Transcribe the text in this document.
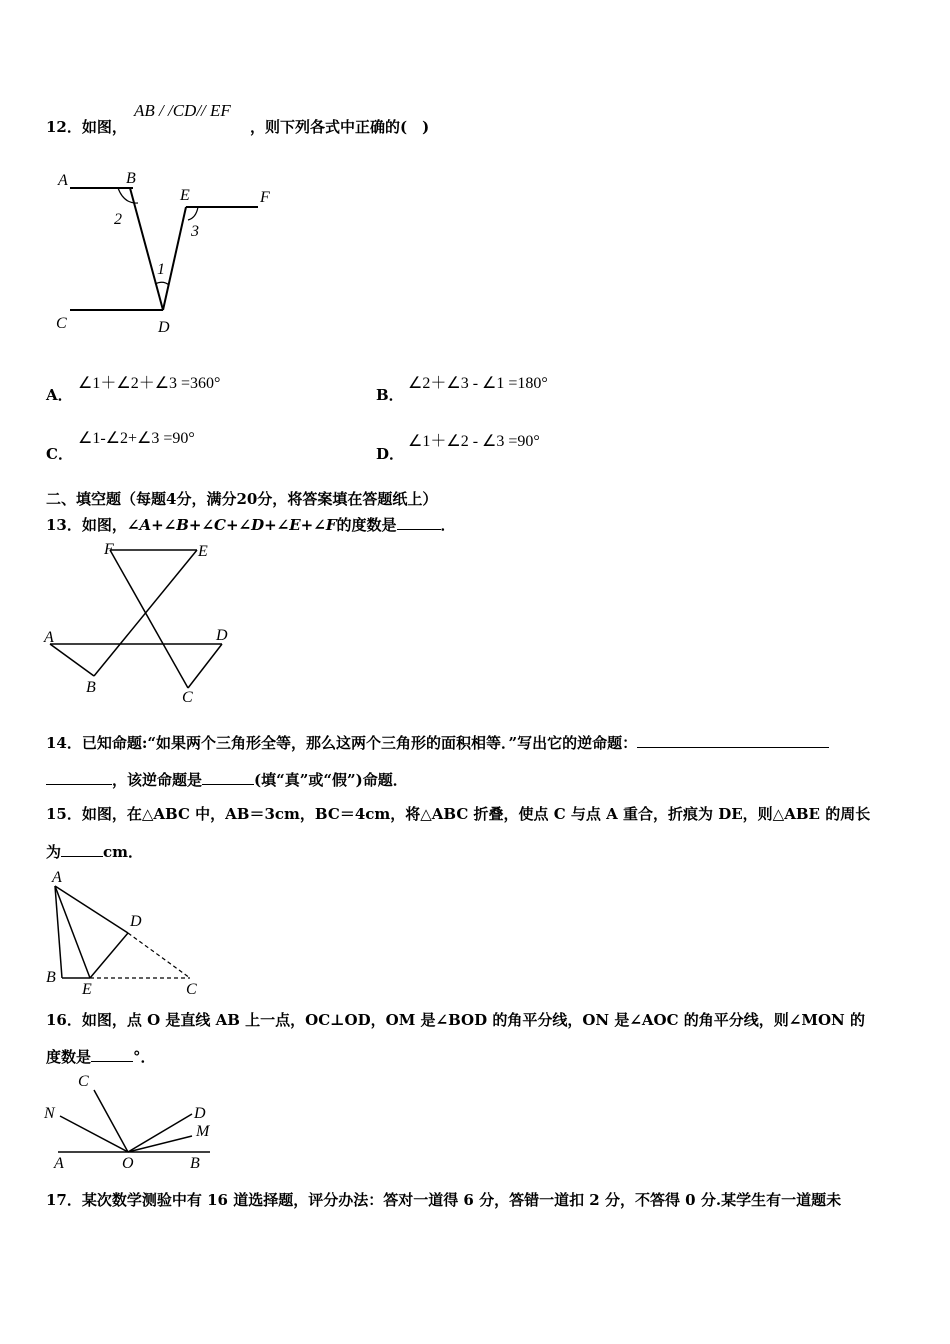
12．如图，
AB / /CD// EF
，则下列各式中正确的(　)
A	B
E	F
2
3
1
C	D
A．
∠1＋∠2＋∠3 =360°
B．
∠2＋∠3 - ∠1 =180°
C．
∠1-∠2+∠3 =90°
D．
∠1＋∠2 - ∠3 =90°
二、填空题（每题4分，满分20分，将答案填在答题纸上）
13．如图，∠A+∠B+∠C+∠D+∠E+∠F的度数是	．
F	E
A	D
B
C
14．已知命题:“如果两个三角形全等，那么这两个三角形的面积相等．”写出它的逆命题：
，该逆命题是	(填“真”或“假”)命题．
15．如图，在△ABC 中，AB＝3cm，BC＝4cm，将△ABC 折叠，使点 C 与点 A 重合，折痕为 DE，则△ABE 的周长
为	cm．
A
D
B
E	C
16．如图，点 O 是直线 AB 上一点，OC⊥OD，OM 是∠BOD 的角平分线，ON 是∠AOC 的角平分线，则∠MON 的
度数是	°．
C
N	D
M
A	O	B
17．某次数学测验中有 16 道选择题，评分办法：答对一道得 6 分，答错一道扣 2 分，不答得 0 分.某学生有一道题未
